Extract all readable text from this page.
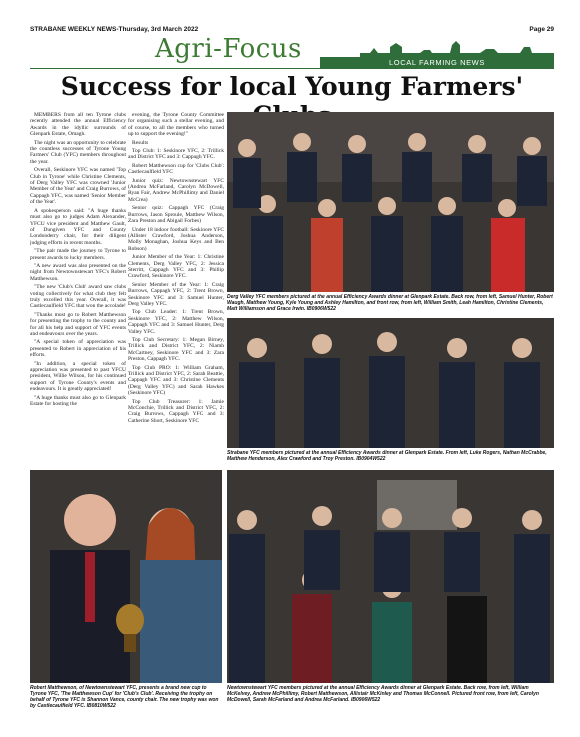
STRABANE WEEKLY NEWS-Thursday, 3rd March 2022	Page 29
Agri-Focus	LOCAL FARMING NEWS
Success for local Young Farmers'

MEMBERS from all ten Tyrone clubs recently attended the annual Efficiency Awards in the idyllic surrounds of Glenpark Estate, Omagh.

The night was an opportunity to celebrate the countless successes of Tyrone Young Farmers' Club (YFC) members throughout the year.

Overall, Seskinore YFC was named 'Top Club in Tyrone' while Christine Clements, of Derg Valley YFC was crowned 'Junior Member of the Year' and Craig Burrows, of Cappagh YFC, was named 'Senior Member of the Year'.

A spokesperson said: "A huge thanks must also go to judges Adam Alexander, YFCU vice president and Matthew Gault, of Dungiven YFC and County Londonderry chair, for their diligent judging efforts in recent months.

"The pair made the journey to Tyrone to present awards to lucky members.

"A new award was also presented on the night from Newtownstewart YFC's Robert Matthewson.

"The new 'Club's Club' award saw clubs voting collectively for what club they felt truly excelled this year. Overall, it was Castlecaulfield YFC that won the accolade!

"Thanks must go to Robert Matthewson for presenting the trophy to the county and for all his help and support of YFC events and endeavours over the years.

"A special token of appreciation was presented to Robert in appreciation of his efforts.

"In addition, a special token of appreciation was presented to past YFCU president, Willie Wilson, for his continued support of Tyrone County's events and endeavours. It is greatly appreciated!

"A huge thanks must also go to Glenpark Estate for hosting the

evening, the Tyrone County Committee for organising such a stellar evening, and of course, to all the members who turned up to support the evening!"

Results

Top Club: 1: Seskinore YFC, 2: Trillick and District YFC and 3: Cappagh YFC.

Robert Matthewson cup for 'Clubs Club': Castlecaulfield YFC

Junior quiz: Newtownstewart YFC (Andrea McFarland, Carolyn McDowell, Ryan Fair, Andrew McPhillimy and Daniel McCrea)

Senior quiz: Cappagh YFC (Craig Burrows, Jason Sproule, Matthew Wilson, Zara Preston and Abigail Forbes)

Under 18 indoor football: Seskinore YFC (Allister Crawford, Joshua Anderson, Molly Monaghan, Joshua Keys and Ben Robson)

Junior Member of the Year: 1: Christine Clements, Derg Valley YFC, 2: Jessica Sterritt, Cappagh YFC and 3: Phillip Crawford, Seskinore YFC.

Senior Member of the Year: 1: Craig Burrows, Cappagh YFC, 2: Trent Brown, Seskinore YFC and 3: Samuel Hunter, Derg Valley YFC.

Top Club Leader: 1: Trent Brown, Seskinore YFC, 2: Matthew Wilson, Cappagh YFC and 3: Samuel Hunter, Derg Valley YFC.

Top Club Secretary: 1: Megan Birney, Trillick and District YFC, 2: Niamh McCartney, Seskinore YFC and 3: Zara Preston, Cappagh YFC.

Top Club PRO: 1: William Graham, Trillick and District YFC, 2: Sarah Beattie, Cappagh YFC and 3: Christine Clements (Derg Valley YFC) and Sarah Hawkes (Seskinore YFC)

Top Club Treasurer: 1: Jamie McConchie, Trillick and District YFC, 2: Craig Burrows, Cappagh YFC and 3: Catherine Short, Seskinore YFC

Derg Valley YFC members pictured at the annual Efficiency Awards dinner at Glenpark Estate. Back row, from left, Samuel Hunter, Robert Waugh, Matthew Young, Kyle Young and Ashley Hamilton, and front row, from left, William Smith, Leah Hamilton, Christine Clements, Matt Williamson and Grace Irwin. IB0906W522
Strabane YFC members pictured at the annual Efficiency Awards dinner at Glenpark Estate. From left, Luke Rogers, Nathan McCrabbe, Matthew Henderson, Alex Crawford and Troy Preston. IB0904W522
Robert Matthewson, of Newtownstewart YFC, presents a brand new cup to Tyrone YFC, 'The Matthewson Cup' for 'Club's Club'. Receiving the trophy on behalf of Tyrone YFC is Shannon Vance, county chair. The new trophy was won by Castlecaulfield YFC. IB0810W522
Newtownstewart YFC members pictured at the annual Efficiency Awards dinner at Glenpark Estate. Back row, from left, William McKelvey, Andrew McPhillimy, Robert Matthewson, Allistair McKinley and Thomas McConnell. Pictured front row, from left, Carolyn McDowell, Sarah McFarland and Andrea McFarland. IB0906W522
